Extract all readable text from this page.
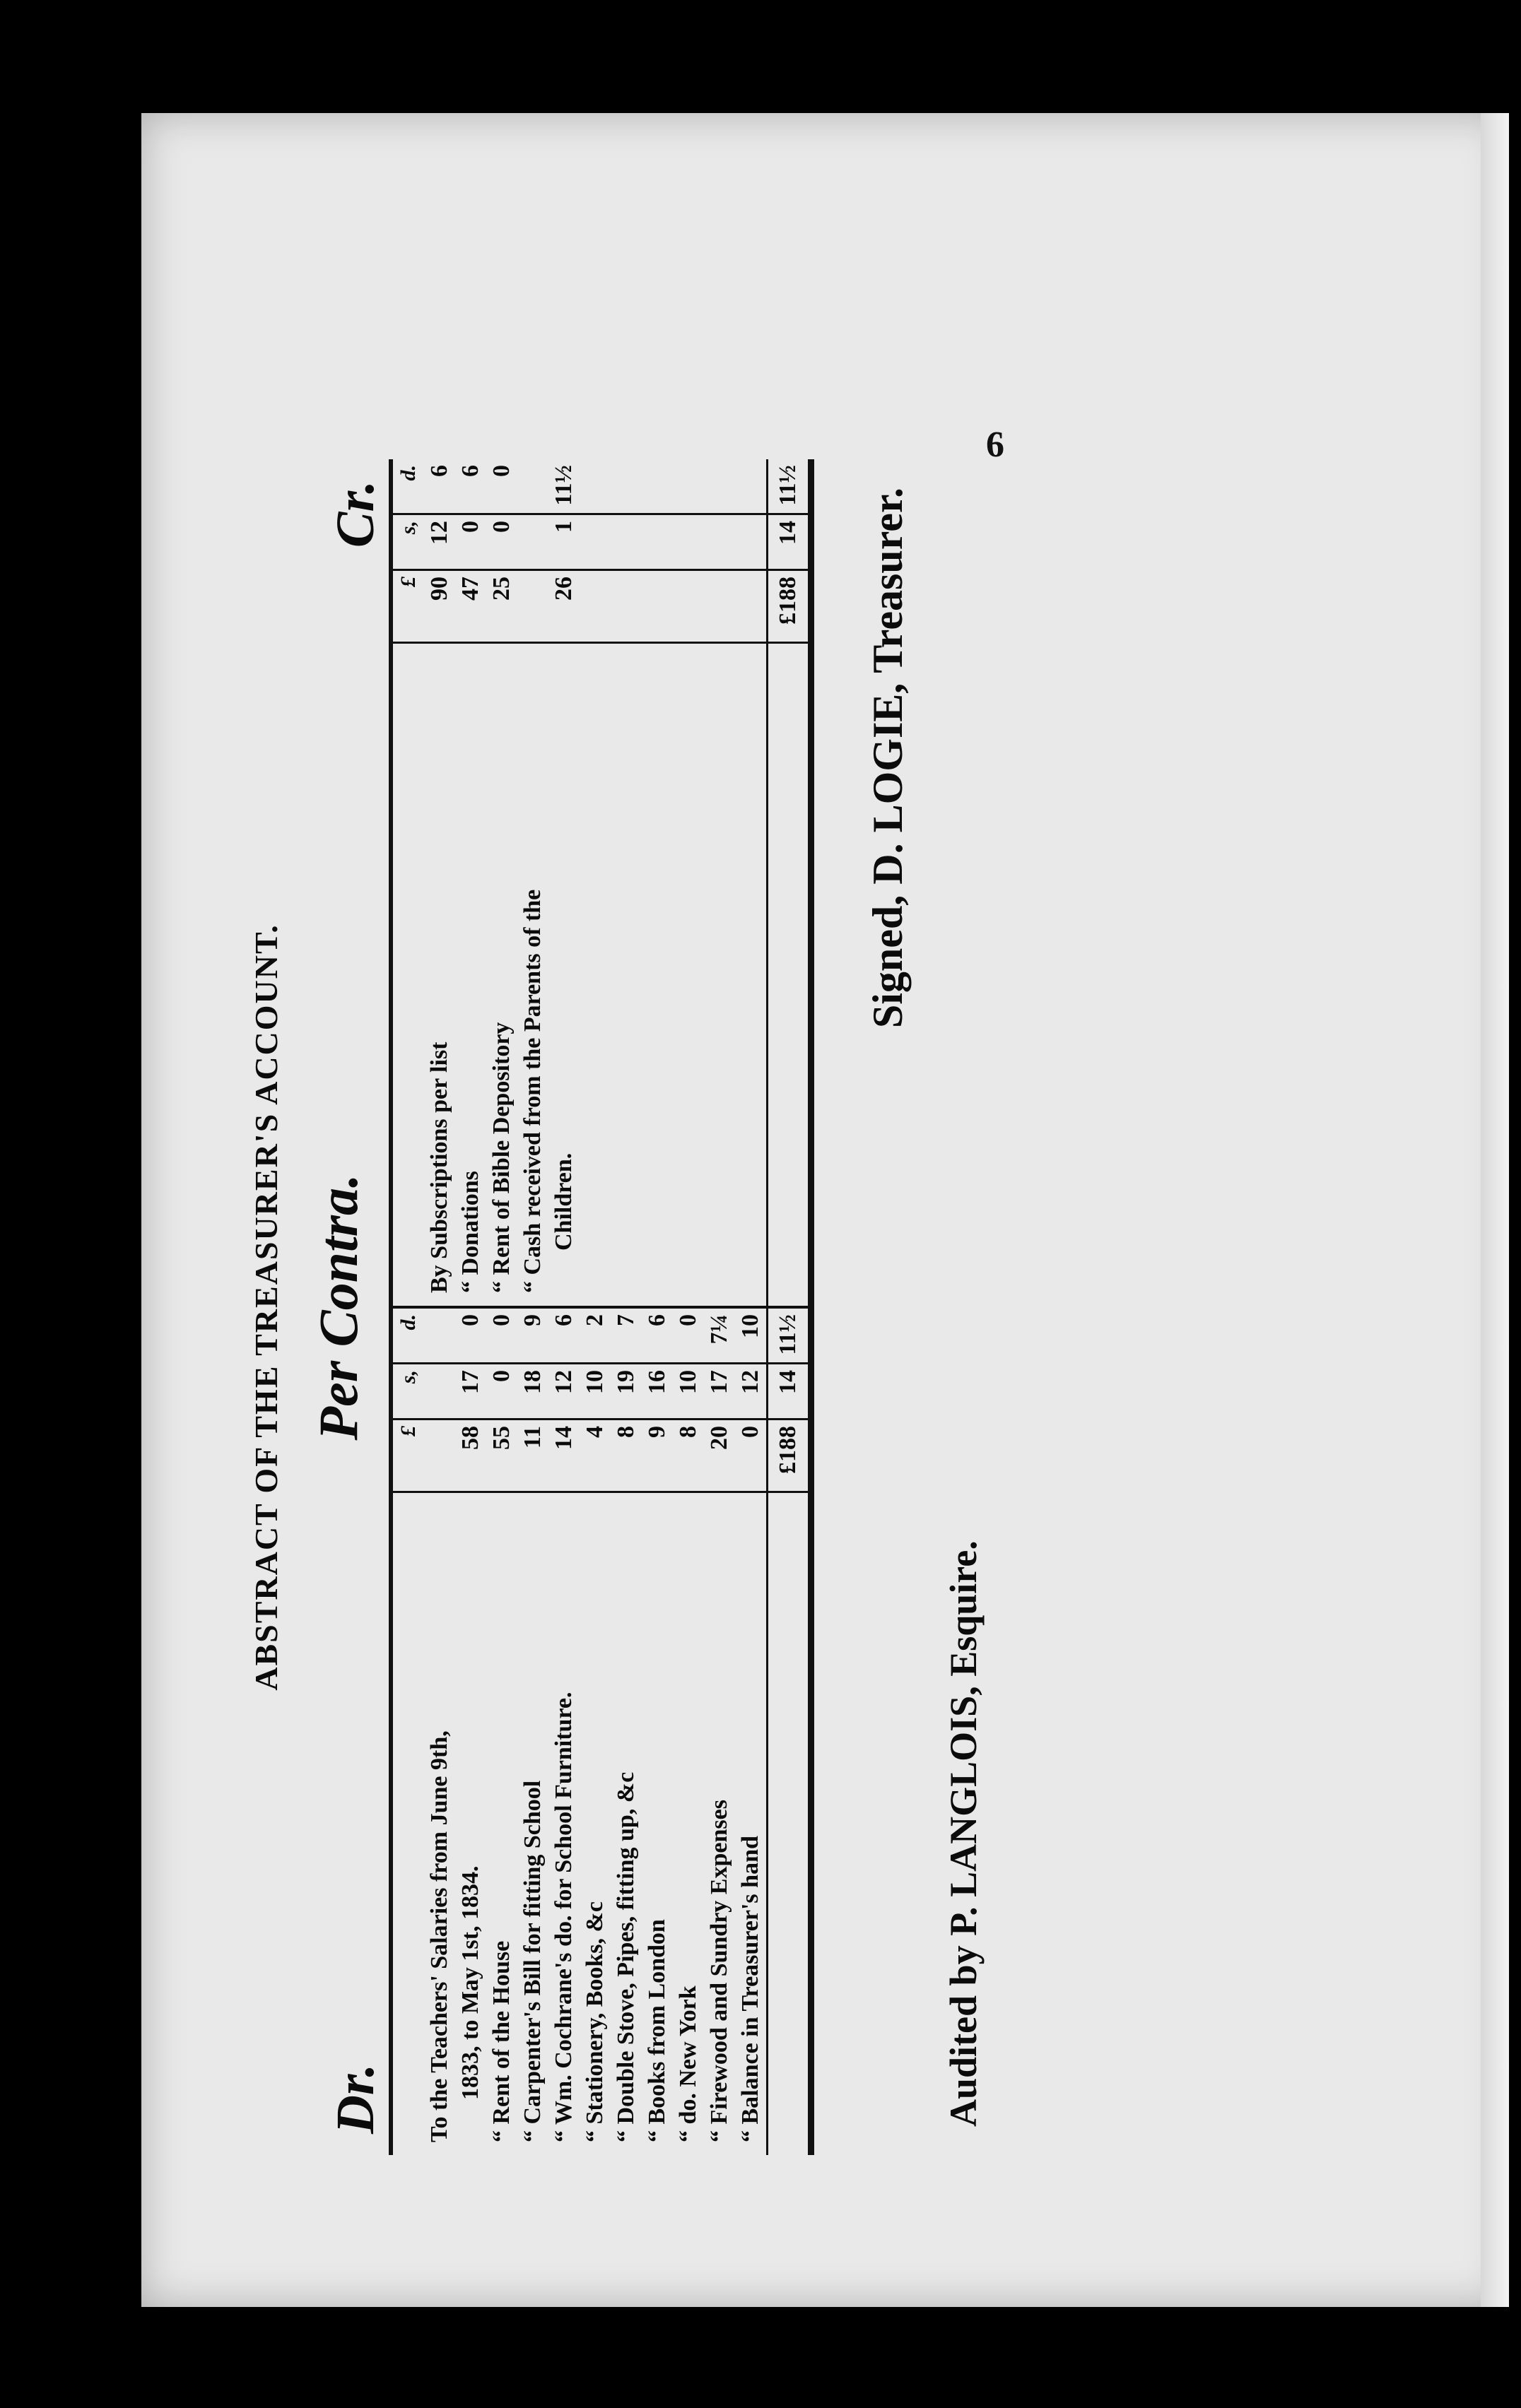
6
Dr.
ABSTRACT OF THE TREASURER'S ACCOUNT. Per Contra.
Cr.
£
s,
d.
To the Teachers' Salaries from June 9th, 1833, to May 1st, 1834.
58
17
0
“ Rent of the House
55
0
0
“ Carpenter's Bill for fitting School
11
18
9
“ Wm. Cochrane's do. for School Furniture.
14
12
6
“ Stationery, Books, &c
4
10
2
“ Double Stove, Pipes, fitting up, &c
8
19
7
“ Books from London
9
16
6
“ do. New York
8
10
0
“ Firewood and Sundry Expenses
20
17
7¼
“ Balance in Treasurer's hand
0
12
10
£188
14
11½
£
s,
d.
By Subscriptions per list
90
12
6
“ Donations
47
0
6
“ Rent of Bible Depository
25
0
0
“ Cash received from the Parents of the Children.
26
1
11½
£188
14
11½
Audited by P. LANGLOIS, Esquire.
Signed, D. LOGIE, Treasurer.
